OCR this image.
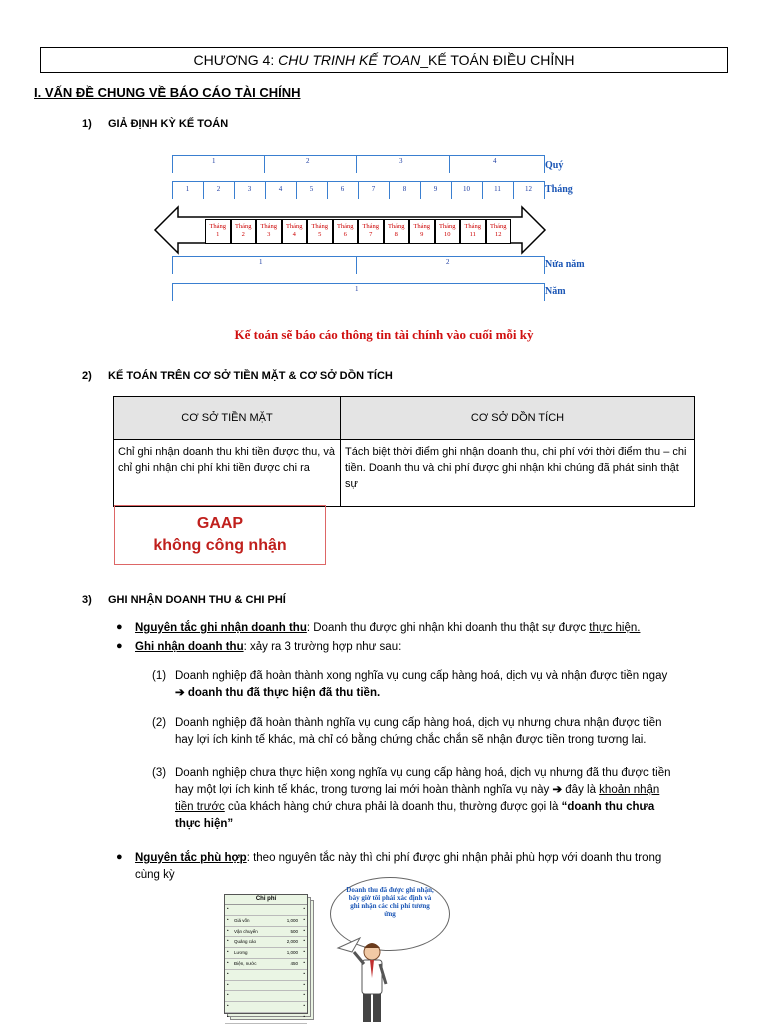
CHƯƠNG 4: CHU TRINH KẾ TOAN_KẾ TOÁN ĐIỀU CHỈNH
I. VẤN ĐỀ CHUNG VỀ BÁO CÁO TÀI CHÍNH
1) GIẢ ĐỊNH KỲ KẾ TOÁN
1	2	3	4	Quý
1	2	3	4	5	6	7	8	9	10	11	12	Tháng
Tháng
1
Tháng
2
Tháng
3
Tháng
4
Tháng
5
Tháng
6
Tháng
7
Tháng
8
Tháng
9
Tháng
10
Tháng
11
Tháng
12
1	2	Nửa năm
1	Năm
Kế toán sẽ báo cáo thông tin tài chính vào cuối mỗi kỳ
2) KẾ TOÁN TRÊN CƠ SỞ TIỀN MẶT & CƠ SỞ DỒN TÍCH
CƠ SỞ TIỀN MẶT	CƠ SỞ DỒN TÍCH
Chỉ ghi nhận doanh thu khi tiền được thu, và chỉ ghi nhận chi phí khi tiền được chi ra	Tách biệt thời điểm ghi nhận doanh thu, chi phí với thời điểm thu – chi tiền. Doanh thu và chi phí được ghi nhận khi chúng đã phát sinh thật sự
GAAP
không công nhận
3) GHI NHẬN DOANH THU & CHI PHÍ
● Nguyên tắc ghi nhận doanh thu: Doanh thu được ghi nhận khi doanh thu thật sự được thực hiện.
● Ghi nhận doanh thu: xảy ra 3 trường hợp như sau:
(1) Doanh nghiệp đã hoàn thành xong nghĩa vụ cung cấp hàng hoá, dịch vụ và nhận được tiền ngay
➔ doanh thu đã thực hiện đã thu tiền.
(2) Doanh nghiệp đã hoàn thành nghĩa vụ cung cấp hàng hoá, dịch vụ nhưng chưa nhận được tiền
hay lợi ích kinh tế khác, mà chỉ có bằng chứng chắc chắn sẽ nhận được tiền trong tương lai.
(3) Doanh nghiệp chưa thực hiện xong nghĩa vụ cung cấp hàng hoá, dịch vụ nhưng đã thu được tiền
hay một lợi ích kinh tế khác, trong tương lai mới hoàn thành nghĩa vụ này ➔ đây là khoản nhận
tiền trước của khách hàng chứ chưa phải là doanh thu, thường được gọi là “doanh thu chưa
thực hiện”
● Nguyên tắc phù hợp: theo nguyên tắc này thì chi phí được ghi nhận phải phù hợp với doanh thu trong
cùng kỳ
Chi phí
•	•
•	•
Giá vốn	1,000
•	•
Vận chuyển	500
•	•
Quảng cáo	2,000
•	•
Lương	1,000
•	•
Điện, nước	450
•	•
•	•
•	•
•	•
•	•
Doanh thu đã được ghi nhận, bây giờ tôi phải xác định và ghi nhận các chi phí tương ứng
